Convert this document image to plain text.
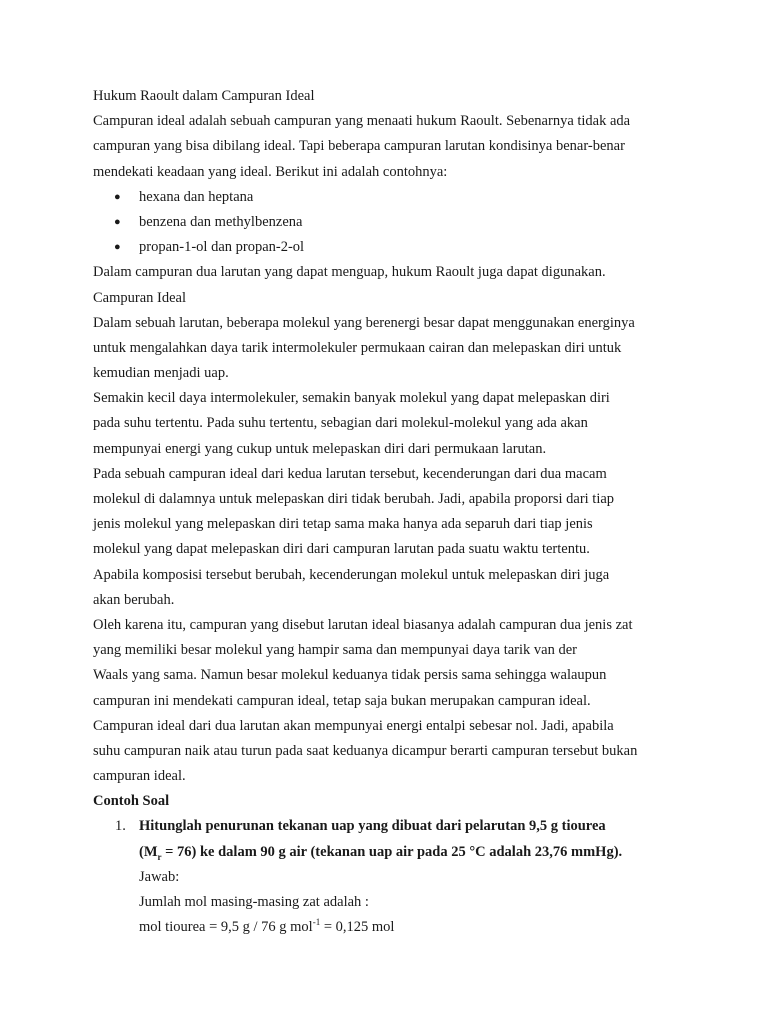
Hukum Raoult dalam Campuran Ideal
Campuran ideal adalah sebuah campuran yang menaati hukum Raoult. Sebenarnya tidak ada
campuran yang bisa dibilang ideal. Tapi beberapa campuran larutan kondisinya benar-benar
mendekati keadaan yang ideal. Berikut ini adalah contohnya:
● hexana dan heptana
● benzena dan methylbenzena
● propan-1-ol dan propan-2-ol
Dalam campuran dua larutan yang dapat menguap, hukum Raoult juga dapat digunakan.
Campuran Ideal
Dalam sebuah larutan, beberapa molekul yang berenergi besar dapat menggunakan energinya
untuk mengalahkan daya tarik intermolekuler permukaan cairan dan melepaskan diri untuk
kemudian menjadi uap.
Semakin kecil daya intermolekuler, semakin banyak molekul yang dapat melepaskan diri
pada suhu tertentu. Pada suhu tertentu, sebagian dari molekul-molekul yang ada akan
mempunyai energi yang cukup untuk melepaskan diri dari permukaan larutan.
Pada sebuah campuran ideal dari kedua larutan tersebut, kecenderungan dari dua macam
molekul di dalamnya untuk melepaskan diri tidak berubah. Jadi, apabila proporsi dari tiap
jenis molekul yang melepaskan diri tetap sama maka hanya ada separuh dari tiap jenis
molekul yang dapat melepaskan diri dari campuran larutan pada suatu waktu tertentu.
Apabila komposisi tersebut berubah, kecenderungan molekul untuk melepaskan diri juga
akan berubah.
Oleh karena itu, campuran yang disebut larutan ideal biasanya adalah campuran dua jenis zat
yang memiliki besar molekul yang hampir sama dan mempunyai daya tarik van der
Waals yang sama. Namun besar molekul keduanya tidak persis sama sehingga walaupun
campuran ini mendekati campuran ideal, tetap saja bukan merupakan campuran ideal.
Campuran ideal dari dua larutan akan mempunyai energi entalpi sebesar nol. Jadi, apabila
suhu campuran naik atau turun pada saat keduanya dicampur berarti campuran tersebut bukan
campuran ideal.
Contoh Soal
1. Hitunglah penurunan tekanan uap yang dibuat dari pelarutan 9,5 g tiourea
$(M_r = 76)$ ke dalam 90 g air (tekanan uap air pada 25 °C adalah 23,76 mmHg).
Jawab:
Jumlah mol masing-masing zat adalah :
mol tiourea = 9,5 g / 76 g mol$^{-1}$ = 0,125 mol
